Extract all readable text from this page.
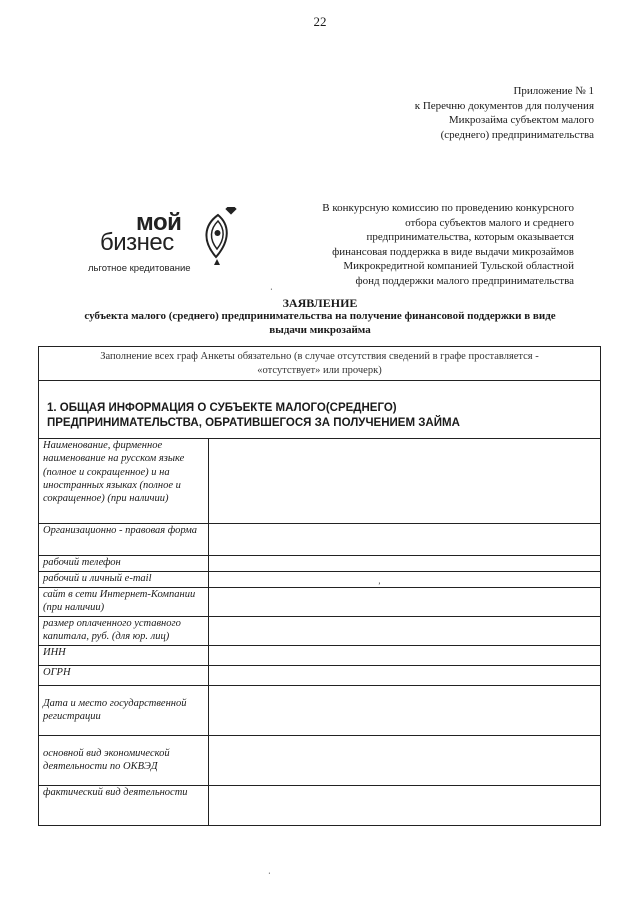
22
Приложение № 1
к Перечню документов для получения
Микрозайма субъектом малого
(среднего) предпринимательства
мой
бизнес
льготное кредитование
В конкурсную комиссию по проведению конкурсного
отбора субъектов малого и среднего
предпринимательства, которым оказывается
финансовая поддержка в виде выдачи микрозаймов
Микрокредитной компанией Тульской областной
фонд поддержки малого предпринимательства
ЗАЯВЛЕНИЕ
субъекта малого (среднего) предпринимательства на получение финансовой поддержки в виде
выдачи микрозайма
Заполнение всех граф Анкеты обязательно (в случае отсутствия сведений в графе проставляется -
«отсутствует» или прочерк)
1. ОБЩАЯ ИНФОРМАЦИЯ О СУБЪЕКТЕ МАЛОГО(СРЕДНЕГО)
ПРЕДПРИНИМАТЕЛЬСТВА, ОБРАТИВШЕГОСЯ ЗА ПОЛУЧЕНИЕМ ЗАЙМА
Наименование, фирменное наименование на русском языке (полное и сокращенное) и на иностранных языках (полное и сокращенное) (при наличии)	
Организационно - правовая форма	
рабочий телефон	
рабочий и личный e-mail	
сайт в сети Интернет-Компании (при наличии)	
размер оплаченного уставного капитала, руб. (для юр. лиц)	
ИНН	
ОГРН	
Дата и место государственной регистрации	
основной вид экономической деятельности по ОКВЭД	
фактический вид деятельности	
’
⋅
⋅
